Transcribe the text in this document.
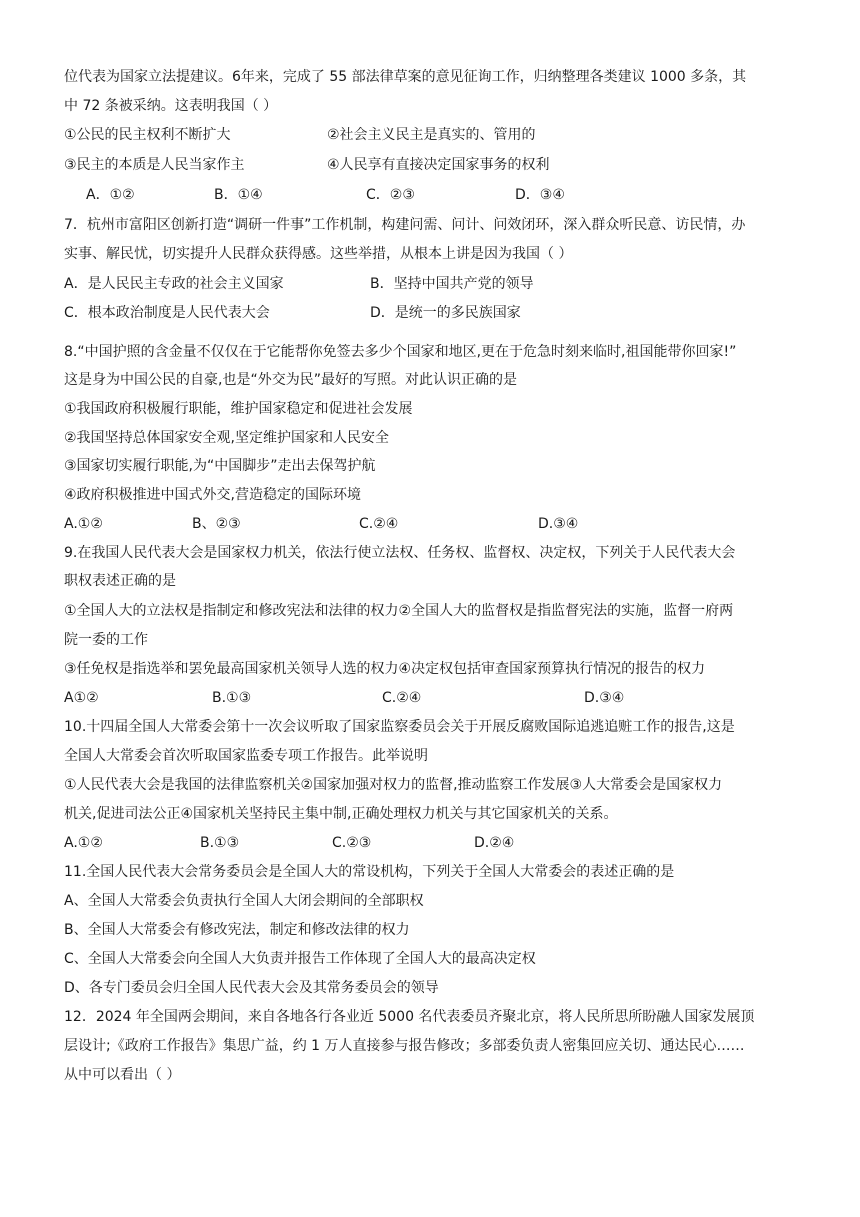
位代表为国家立法提建议。6年来，完成了 55 部法律草案的意见征询工作，归纳整理各类建议 1000 多条，其
中 72 条被采纳。这表明我国（ ）
①公民的民主权利不断扩大	②社会主义民主是真实的、管用的
③民主的本质是人民当家作主	④人民享有直接决定国家事务的权利
A．①②	B．①④	C．②③	D．③④
7．杭州市富阳区创新打造“调研一件事”工作机制，构建问需、问计、问效闭环，深入群众听民意、访民情，办
实事、解民忧，切实提升人民群众获得感。这些举措，从根本上讲是因为我国（ ）
A．是人民民主专政的社会主义国家	B．坚持中国共产党的领导
C．根本政治制度是人民代表大会	D．是统一的多民族国家
8.“中国护照的含金量不仅仅在于它能帮你免签去多少个国家和地区,更在于危急时刻来临时,祖国能带你回家!”
这是身为中国公民的自豪,也是“外交为民”最好的写照。对此认识正确的是
①我国政府积极履行职能，维护国家稳定和促进社会发展
②我国坚持总体国家安全观,坚定维护国家和人民安全
③国家切实履行职能,为“中国脚步”走出去保驾护航
④政府积极推进中国式外交,营造稳定的国际环境
A.①②	B、②③	C.②④	D.③④
9.在我国人民代表大会是国家权力机关，依法行使立法权、任务权、监督权、决定权，下列关于人民代表大会
职权表述正确的是
①全国人大的立法权是指制定和修改宪法和法律的权力②全国人大的监督权是指监督宪法的实施，监督一府两
院一委的工作
③任免权是指选举和罢免最高国家机关领导人选的权力④决定权包括审查国家预算执行情况的报告的权力
A①②	B.①③	C.②④	D.③④
10.十四届全国人大常委会第十一次会议听取了国家监察委员会关于开展反腐败国际追逃追赃工作的报告,这是
全国人大常委会首次听取国家监委专项工作报告。此举说明
①人民代表大会是我国的法律监察机关②国家加强对权力的监督,推动监察工作发展③人大常委会是国家权力
机关,促进司法公正④国家机关坚持民主集中制,正确处理权力机关与其它国家机关的关系。
A.①②	B.①③	C.②③	D.②④
11.全国人民代表大会常务委员会是全国人大的常设机构，下列关于全国人大常委会的表述正确的是
A、全国人大常委会负责执行全国人大闭会期间的全部职权
B、全国人大常委会有修改宪法，制定和修改法律的权力
C、全国人大常委会向全国人大负责并报告工作体现了全国人大的最高决定权
D、各专门委员会归全国人民代表大会及其常务委员会的领导
12．2024 年全国两会期间，来自各地各行各业近 5000 名代表委员齐聚北京，将人民所思所盼融人国家发展顶
层设计;《政府工作报告》集思广益，约 1 万人直接参与报告修改；多部委负责人密集回应关切、通达民心……
从中可以看出（ ）
